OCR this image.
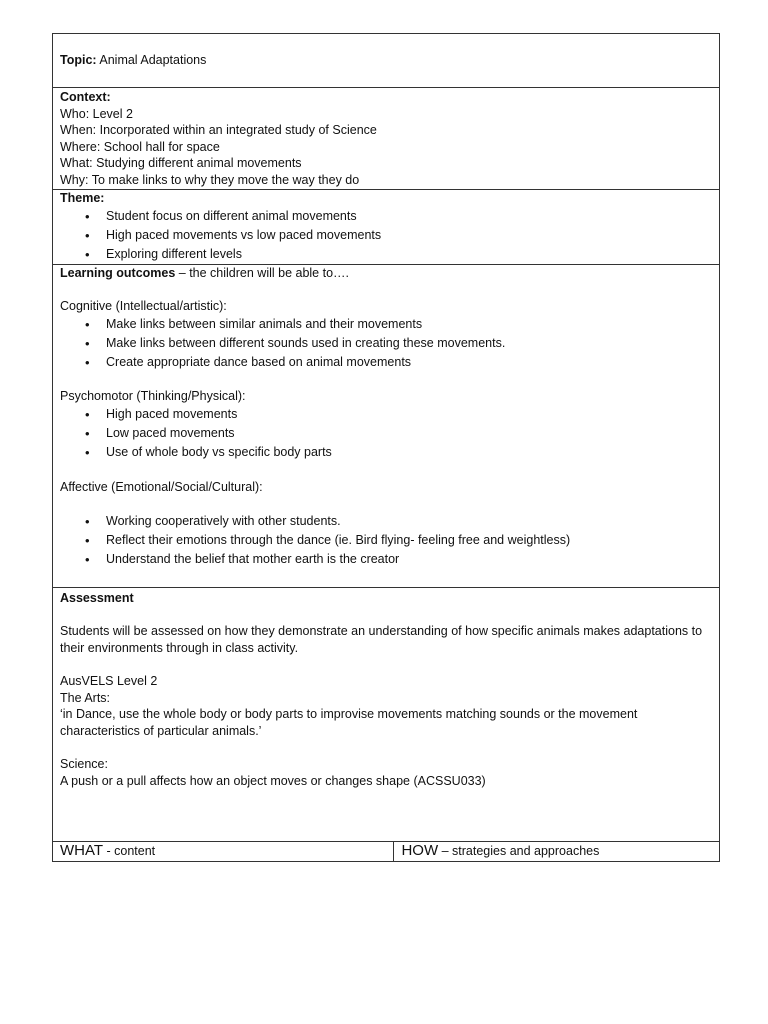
Topic: Animal Adaptations

Context:
Who: Level 2
When: Incorporated within an integrated study of Science
Where: School hall for space
What: Studying different animal movements
Why: To make links to why they move the way they do

Theme:
• Student focus on different animal movements
• High paced movements vs low paced movements
• Exploring different levels

Learning outcomes – the children will be able to….
Cognitive (Intellectual/artistic):
• Make links between similar animals and their movements
• Make links between different sounds used in creating these movements.
• Create appropriate dance based on animal movements
Psychomotor (Thinking/Physical):
• High paced movements
• Low paced movements
• Use of whole body vs specific body parts
Affective (Emotional/Social/Cultural):
• Working cooperatively with other students.
• Reflect their emotions through the dance (ie. Bird flying- feeling free and weightless)
• Understand the belief that mother earth is the creator

Assessment
Students will be assessed on how they demonstrate an understanding of how specific animals makes adaptations to their environments through in class activity.
AusVELS Level 2
The Arts:
‘in Dance, use the whole body or body parts to improvise movements matching sounds or the movement characteristics of particular animals.’
Science:
A push or a pull affects how an object moves or changes shape (ACSSU033)

WHAT - content	HOW – strategies and approaches
